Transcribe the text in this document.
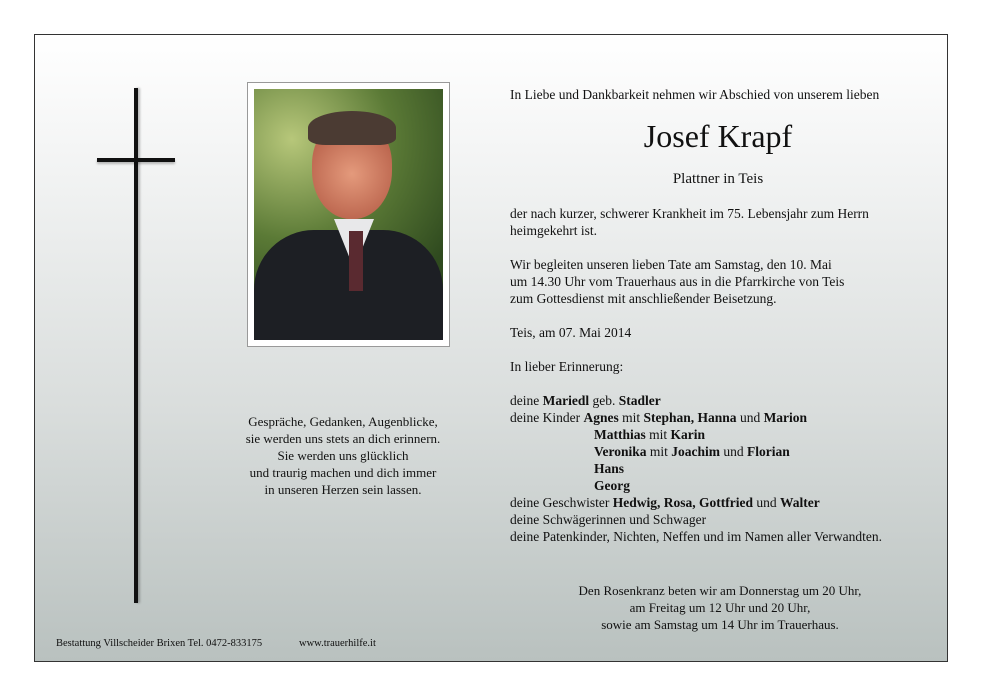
In Liebe und Dankbarkeit nehmen wir Abschied von unserem lieben
Josef Krapf
Plattner in Teis
der nach kurzer, schwerer Krankheit im 75. Lebensjahr zum Herrn
heimgekehrt ist.
Wir begleiten unseren lieben Tate am Samstag, den 10. Mai
um 14.30 Uhr vom Trauerhaus aus in die Pfarrkirche von Teis
zum Gottesdienst mit anschließender Beisetzung.
Teis, am 07. Mai 2014
In lieber Erinnerung:
deine Mariedl geb. Stadler
deine Kinder Agnes mit Stephan, Hanna und Marion
Matthias mit Karin
Veronika mit Joachim und Florian
Hans
Georg
deine Geschwister Hedwig, Rosa, Gottfried und Walter
deine Schwägerinnen und Schwager
deine Patenkinder, Nichten, Neffen und im Namen aller Verwandten.
Gespräche, Gedanken, Augenblicke,
sie werden uns stets an dich erinnern.
Sie werden uns glücklich
und traurig machen und dich immer
in unseren Herzen sein lassen.
Den Rosenkranz beten wir am Donnerstag um 20 Uhr,
am Freitag um 12 Uhr und 20 Uhr,
sowie am Samstag um 14 Uhr im Trauerhaus.
Bestattung Villscheider Brixen Tel. 0472-833175	www.trauerhilfe.it
